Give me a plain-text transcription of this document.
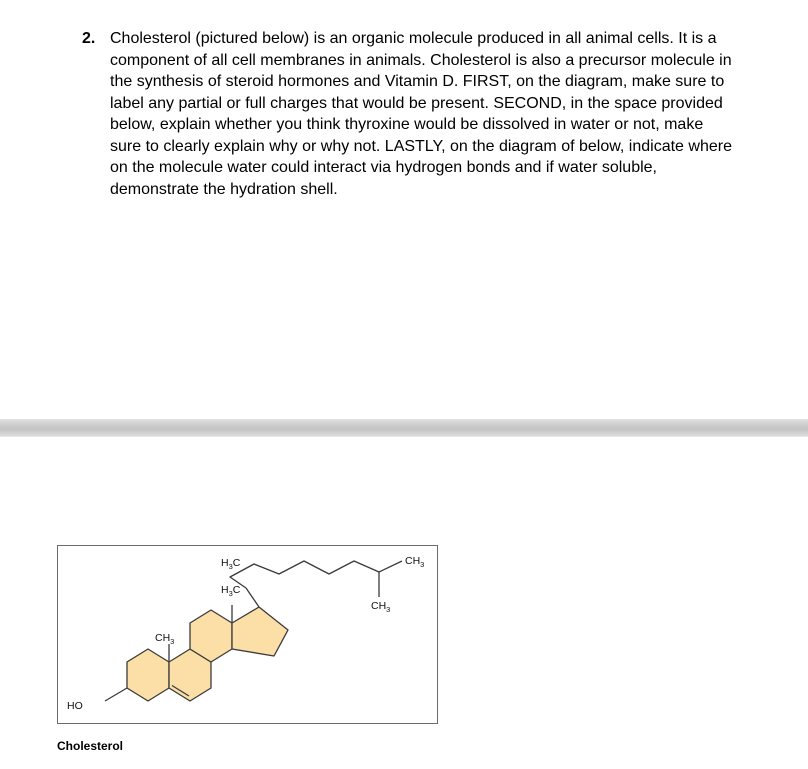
2. Cholesterol (pictured below) is an organic molecule produced in all animal cells. It is a
component of all cell membranes in animals. Cholesterol is also a precursor molecule in
the synthesis of steroid hormones and Vitamin D. FIRST, on the diagram, make sure to
label any partial or full charges that would be present. SECOND, in the space provided
below, explain whether you think thyroxine would be dissolved in water or not, make
sure to clearly explain why or why not. LASTLY, on the diagram of below, indicate where
on the molecule water could interact via hydrogen bonds and if water soluble,
demonstrate the hydration shell.
HO
$CH_3$
$H_3C$
$H_3C$
$CH_3$
$CH_3$
Cholesterol
